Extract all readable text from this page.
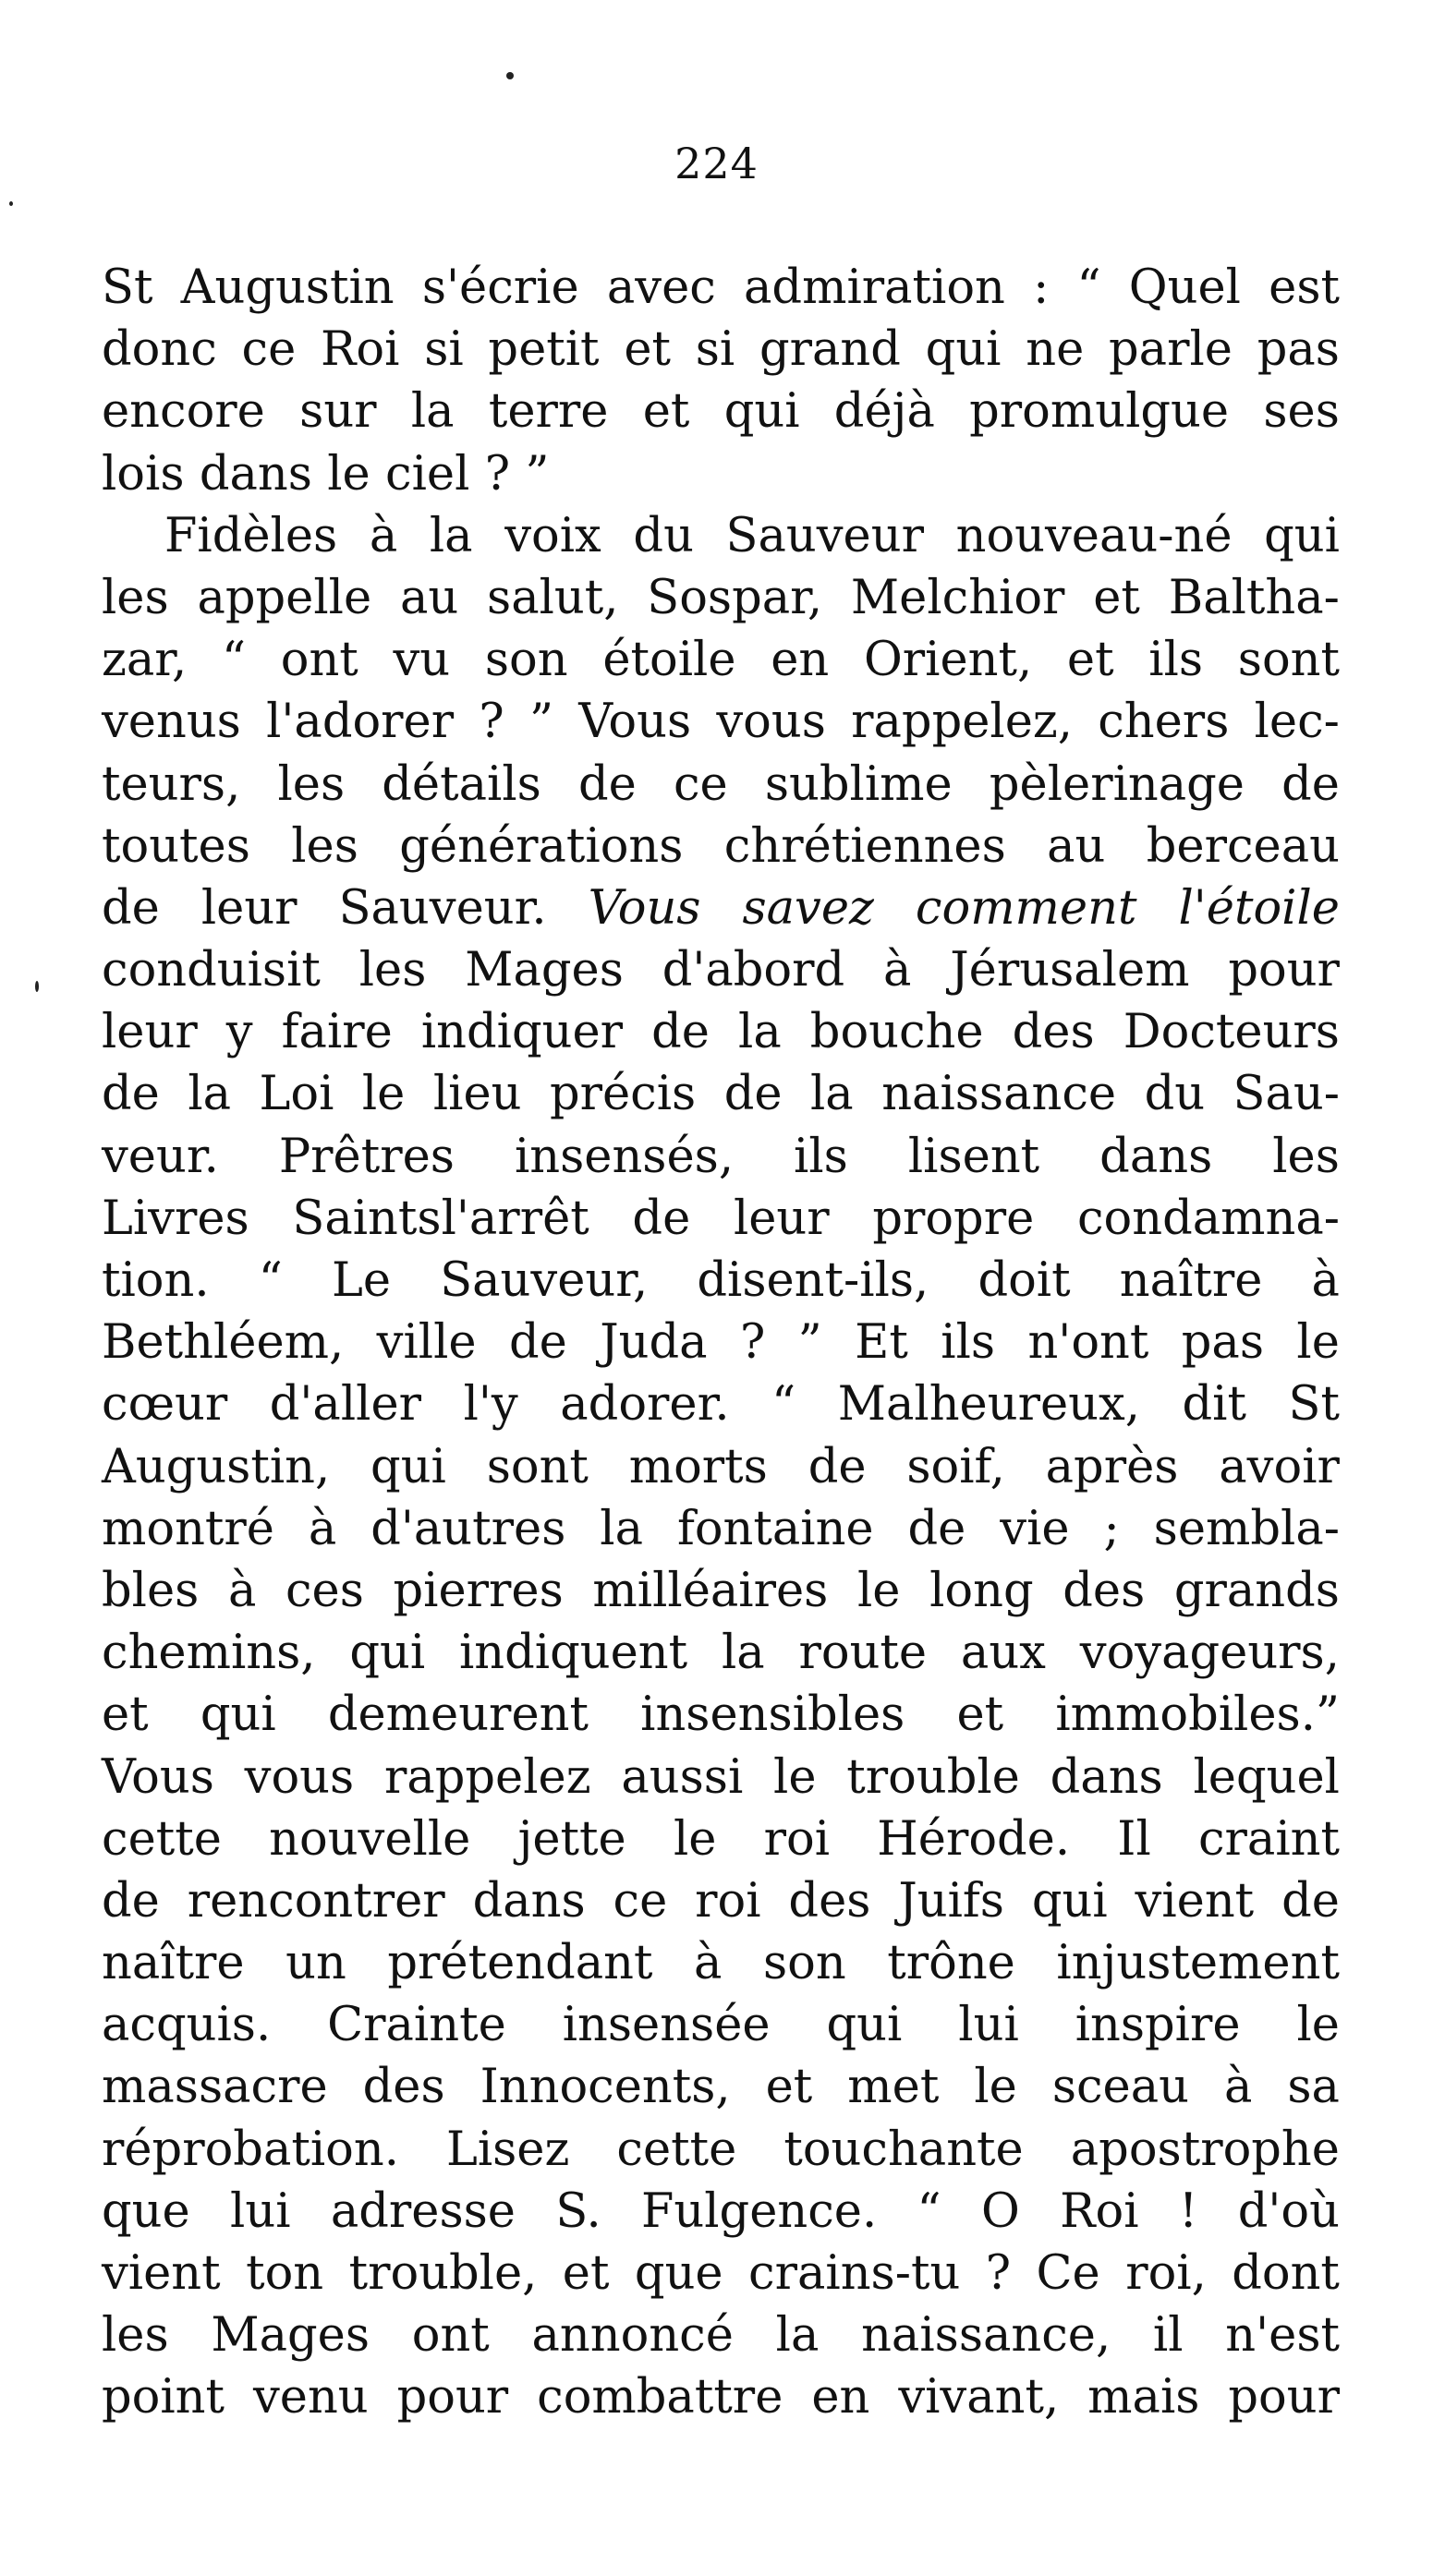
224
St Augustin s'écrie avec admiration : “ Quel est
donc ce Roi si petit et si grand qui ne parle pas
encore sur la terre et qui déjà promulgue ses
lois dans le ciel ? ”
Fidèles à la voix du Sauveur nouveau-né qui
les appelle au salut, Sospar, Melchior et Baltha-
zar, “ ont vu son étoile en Orient, et ils sont
venus l'adorer ? ” Vous vous rappelez, chers lec-
teurs, les détails de ce sublime pèlerinage de
toutes les générations chrétiennes au berceau
de leur Sauveur. Vous savez comment l'étoile
conduisit les Mages d'abord à Jérusalem pour
leur y faire indiquer de la bouche des Docteurs
de la Loi le lieu précis de la naissance du Sau-
veur. Prêtres insensés, ils lisent dans les
Livres Saintsl'arrêt de leur propre condamna-
tion. “ Le Sauveur, disent-ils, doit naître à
Bethléem, ville de Juda ? ” Et ils n'ont pas le
cœur d'aller l'y adorer. “ Malheureux, dit St
Augustin, qui sont morts de soif, après avoir
montré à d'autres la fontaine de vie ; sembla-
bles à ces pierres milléaires le long des grands
chemins, qui indiquent la route aux voyageurs,
et qui demeurent insensibles et immobiles.”
Vous vous rappelez aussi le trouble dans lequel
cette nouvelle jette le roi Hérode. Il craint
de rencontrer dans ce roi des Juifs qui vient de
naître un prétendant à son trône injustement
acquis. Crainte insensée qui lui inspire le
massacre des Innocents, et met le sceau à sa
réprobation. Lisez cette touchante apostrophe
que lui adresse S. Fulgence. “ O Roi ! d'où
vient ton trouble, et que crains-tu ? Ce roi, dont
les Mages ont annoncé la naissance, il n'est
point venu pour combattre en vivant, mais pour
